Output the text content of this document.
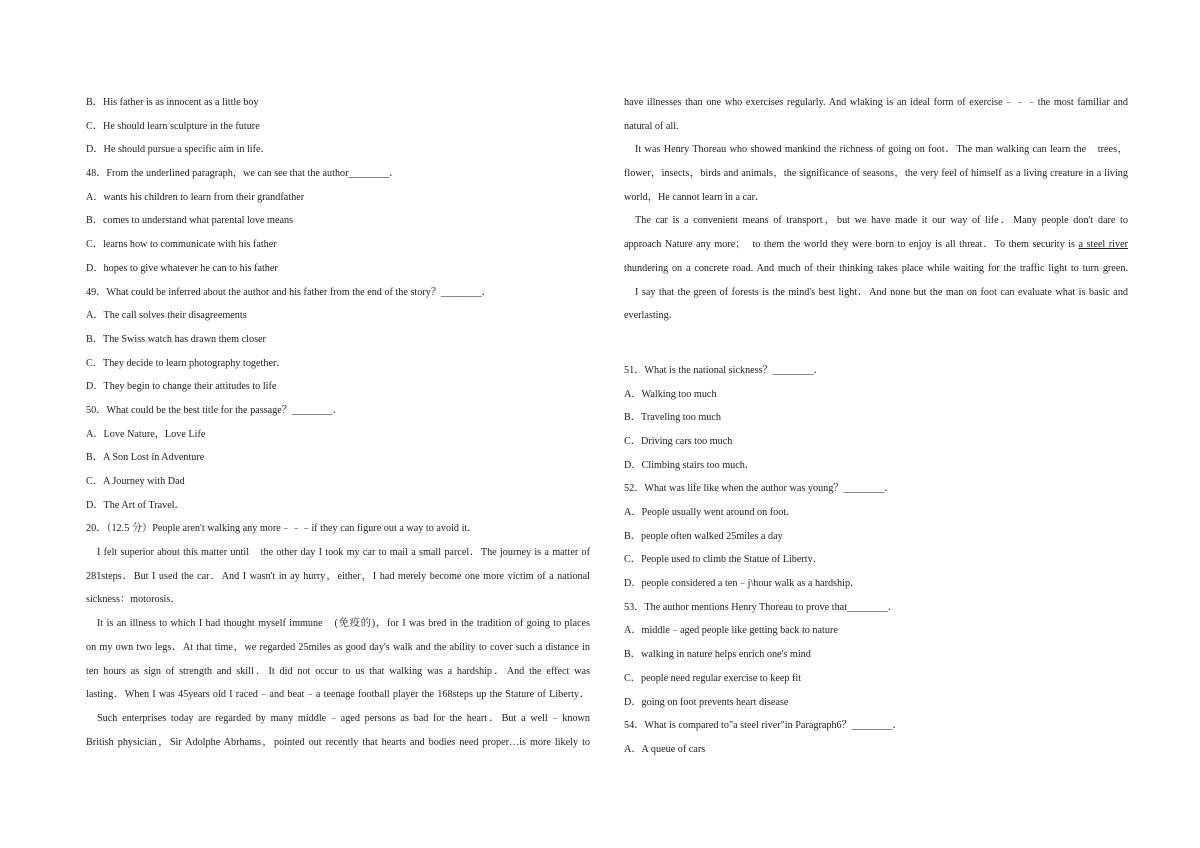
B．His father is as innocent as a little boy
C．He should learn sculpture in the future
D．He should pursue a specific aim in life．
48．From the underlined paragraph，we can see that the author________．
A．wants his children to learn from their grandfather
B．comes to understand what parental love means
C．learns how to communicate with his father
D．hopes to give whatever he can to his father
49．What could be inferred about the author and his father from the end of the story？________．
A．The call solves their disagreements
B．The Swiss watch has drawn them closer
C．They decide to learn photography together．
D．They begin to change their attitudes to life
50．What could be the best title for the passage？________．
A．Love Nature，Love Life
B．A Son Lost in Adventure
C．A Journey with Dad
D．The Art of Travel．
20．（12.5 分）People aren't walking any more﹣﹣﹣if they can figure out a way to avoid it．
I felt superior about this matter until　the other day I took my car to mail a small parcel．The journey is a matter of
281steps．But I used the car．And I wasn't in ay hurry，either，I had merely become one more victim of a national
sickness：motorosis．
It is an illness to which I had thought myself immune　(免疫的)，for I was bred in the tradition of going to places
on my own two legs．At that time，we regarded 25miles as good day's walk and the ability to cover such a distance in
ten hours as sign of strength and skill．It did not occur to us that walking was a hardship．And the effect was
lasting．When I was 45years old I raced﹣and beat﹣a teenage football player the 168steps up the Stature of Liberty．
Such enterprises today are regarded by many middle﹣aged persons as bad for the heart．But a well﹣known
British physician，Sir Adolphe Abrhams，pointed out recently that hearts and bodies need proper…is more likely to
have illnesses than one who exercises regularly. And wlaking is an ideal form of exercise﹣﹣﹣the most familiar and
natural of all.
It was Henry Thoreau who showed mankind the richness of going on foot．The man walking can learn the　trees，
flower，insects，birds and animals，the significance of seasons，the very feel of himself as a living creature in a living
world，He cannot learn in a car．
The car is a convenient means of transport，but we have made it our way of life．Many people don't dare to
approach Nature any more；　to them the world they were born to enjoy is all threat．To them security is a steel river
thundering on a concrete road. And much of their thinking takes place while waiting for the traffic light to turn green.
I say that the green of forests is the mind's best light．And none but the man on foot can evaluate what is basic and
everlasting．
51．What is the national sickness？________．
A．Walking too much
B．Traveling too much
C．Driving cars too much
D．Climbing stairs too much．
52．What was life like when the author was young？________．
A．People usually went around on foot．
B．people often walked 25miles a day
C．People used to climb the Statue of Liberty．
D．people considered a ten﹣j\hour walk as a hardship．
53．The author mentions Henry Thoreau to prove that________．
A．middle﹣aged people like getting back to nature
B．walking in nature helps enrich one's mind
C．people need regular exercise to keep fit
D．going on foot prevents heart disease
54．What is compared to"a steel river"in Paragraph6？________．
A．A queue of cars
